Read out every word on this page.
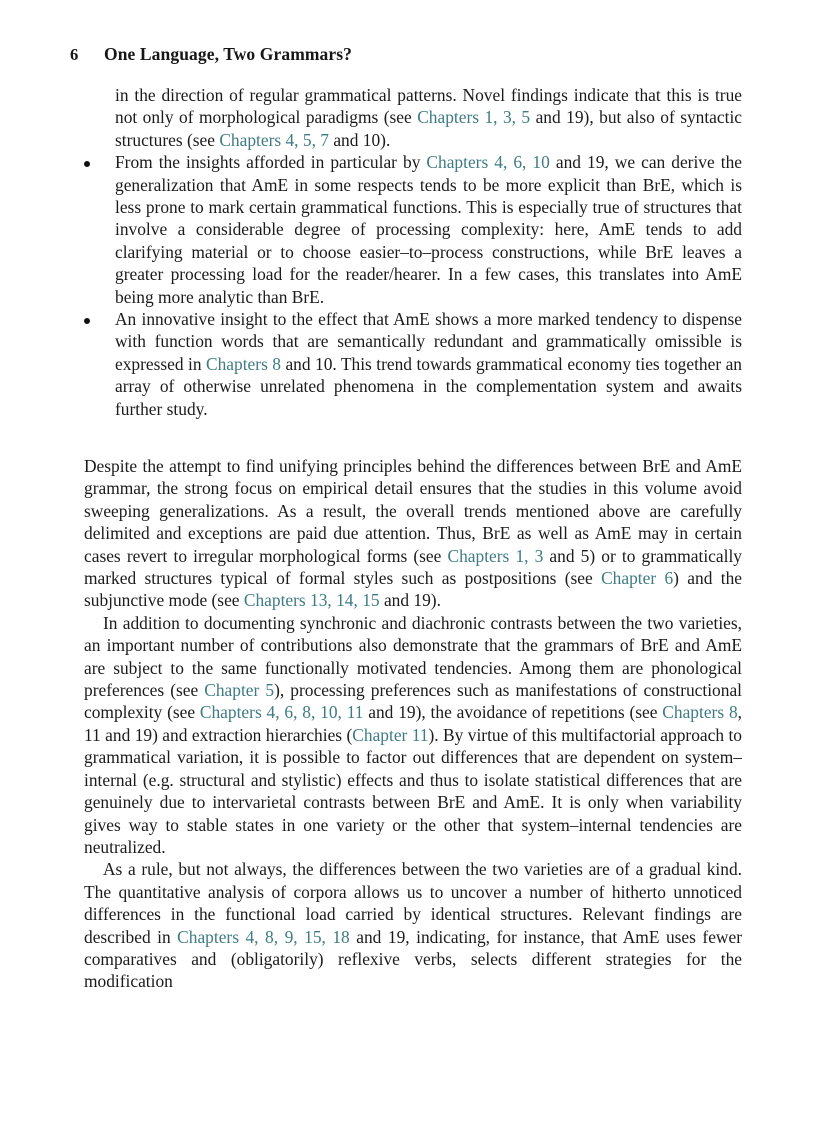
6 One Language, Two Grammars?
in the direction of regular grammatical patterns. Novel findings indicate that this is true not only of morphological paradigms (see Chapters 1, 3, 5 and 19), but also of syntactic structures (see Chapters 4, 5, 7 and 10).
From the insights afforded in particular by Chapters 4, 6, 10 and 19, we can derive the generalization that AmE in some respects tends to be more explicit than BrE, which is less prone to mark certain grammatical functions. This is especially true of structures that involve a considerable degree of processing complexity: here, AmE tends to add clarifying material or to choose easier–to–process constructions, while BrE leaves a greater processing load for the reader/hearer. In a few cases, this translates into AmE being more analytic than BrE.
An innovative insight to the effect that AmE shows a more marked tendency to dispense with function words that are semantically redundant and grammatically omissible is expressed in Chapters 8 and 10. This trend towards grammatical economy ties together an array of otherwise unrelated phenomena in the complementation system and awaits further study.

Despite the attempt to find unifying principles behind the differences between BrE and AmE grammar, the strong focus on empirical detail ensures that the studies in this volume avoid sweeping generalizations. As a result, the overall trends mentioned above are carefully delimited and exceptions are paid due attention. Thus, BrE as well as AmE may in certain cases revert to irregular morphological forms (see Chapters 1, 3 and 5) or to grammatically marked structures typical of formal styles such as postpositions (see Chapter 6) and the subjunctive mode (see Chapters 13, 14, 15 and 19).

In addition to documenting synchronic and diachronic contrasts between the two varieties, an important number of contributions also demonstrate that the grammars of BrE and AmE are subject to the same functionally motivated tendencies. Among them are phonological preferences (see Chapter 5), processing preferences such as manifestations of constructional complexity (see Chapters 4, 6, 8, 10, 11 and 19), the avoidance of repetitions (see Chapters 8, 11 and 19) and extraction hierarchies (Chapter 11). By virtue of this multifactorial approach to grammatical variation, it is possible to factor out differences that are dependent on system–internal (e.g. structural and stylistic) effects and thus to isolate statistical differences that are genuinely due to intervarietal contrasts between BrE and AmE. It is only when variability gives way to stable states in one variety or the other that system–internal tendencies are neutralized.

As a rule, but not always, the differences between the two varieties are of a gradual kind. The quantitative analysis of corpora allows us to uncover a number of hitherto unnoticed differences in the functional load carried by identical structures. Relevant findings are described in Chapters 4, 8, 9, 15, 18 and 19, indicating, for instance, that AmE uses fewer comparatives and (obligatorily) reflexive verbs, selects different strategies for the modification
